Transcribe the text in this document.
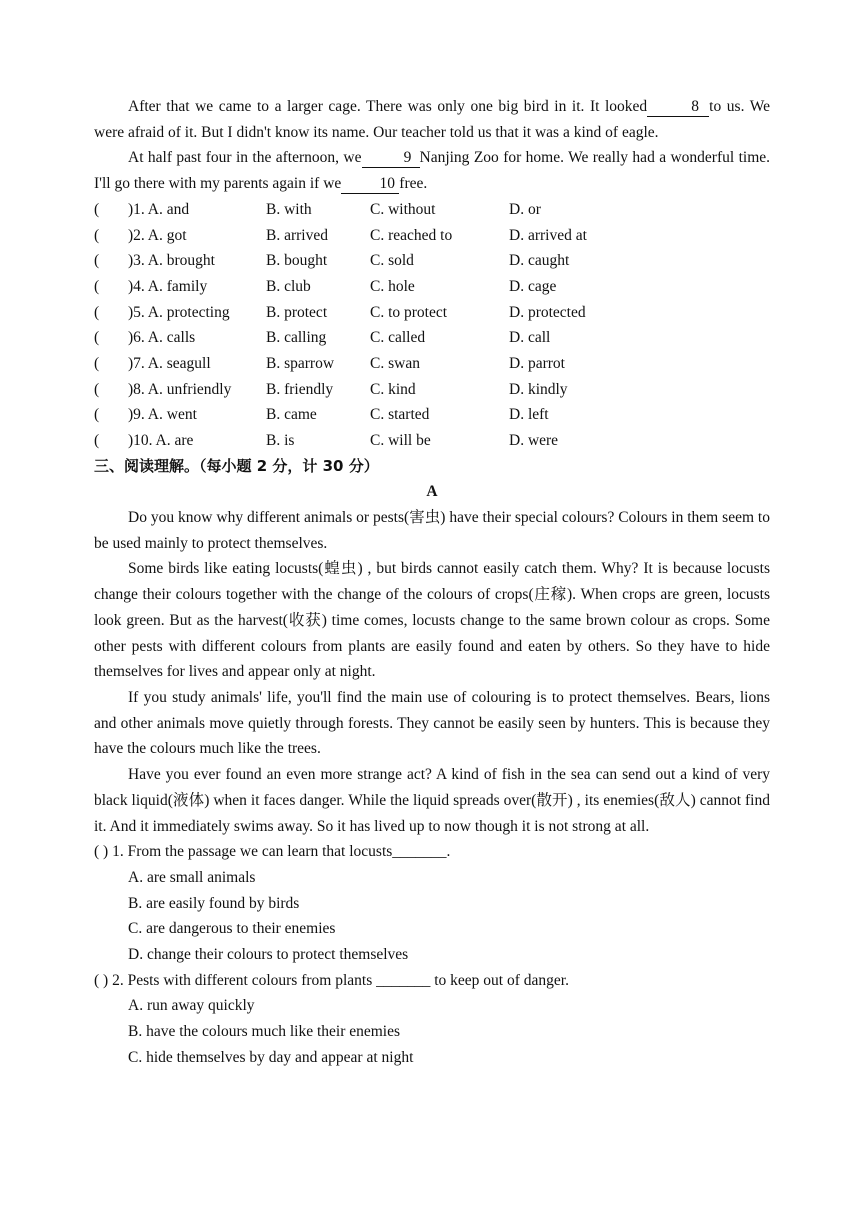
After that we came to a larger cage. There was only one big bird in it. It looked	8 to us. We were afraid of it. But I didn't know its name. Our teacher told us that it was a kind of eagle.

At half past four in the afternoon, we	9 Nanjing Zoo for home. We really had a wonderful time. I'll go there with my parents again if we 10 free.

(	)1. A. and	B. with	C. without	D. or
(	)2. A. got	B. arrived	C. reached to	D. arrived at
(	)3. A. brought	B. bought	C. sold	D. caught
(	)4. A. family	B. club	C. hole	D. cage
(	)5. A. protecting	B. protect	C. to protect	D. protected
(	)6. A. calls	B. calling	C. called	D. call
(	)7. A. seagull	B. sparrow	C. swan	D. parrot
(	)8. A. unfriendly	B. friendly	C. kind	D. kindly
(	)9. A. went	B. came	C. started	D. left
(	)10. A. are	B. is	C. will be	D. were
三、阅读理解。（每小题 2 分，计 30 分）
A

Do you know why different animals or pests(害虫) have their special colours? Colours in them seem to be used mainly to protect themselves.

Some birds like eating locusts(蝗虫) , but birds cannot easily catch them. Why? It is because locusts change their colours together with the change of the colours of crops(庄稼). When crops are green, locusts look green. But as the harvest(收获) time comes, locusts change to the same brown colour as crops. Some other pests with different colours from plants are easily found and eaten by others. So they have to hide themselves for lives and appear only at night.

If you study animals' life, you'll find the main use of colouring is to protect themselves. Bears, lions and other animals move quietly through forests. They cannot be easily seen by hunters. This is because they have the colours much like the trees.

Have you ever found an even more strange act? A kind of fish in the sea can send out a kind of very black liquid(液体) when it faces danger. While the liquid spreads over(散开) , its enemies(敌人) cannot find it. And it immediately swims away. So it has lived up to now though it is not strong at all.

( ) 1. From the passage we can learn that locusts_______.
A. are small animals
B. are easily found by birds
C. are dangerous to their enemies
D. change their colours to protect themselves
( ) 2. Pests with different colours from plants _______ to keep out of danger.
A. run away quickly
B. have the colours much like their enemies
C. hide themselves by day and appear at night
